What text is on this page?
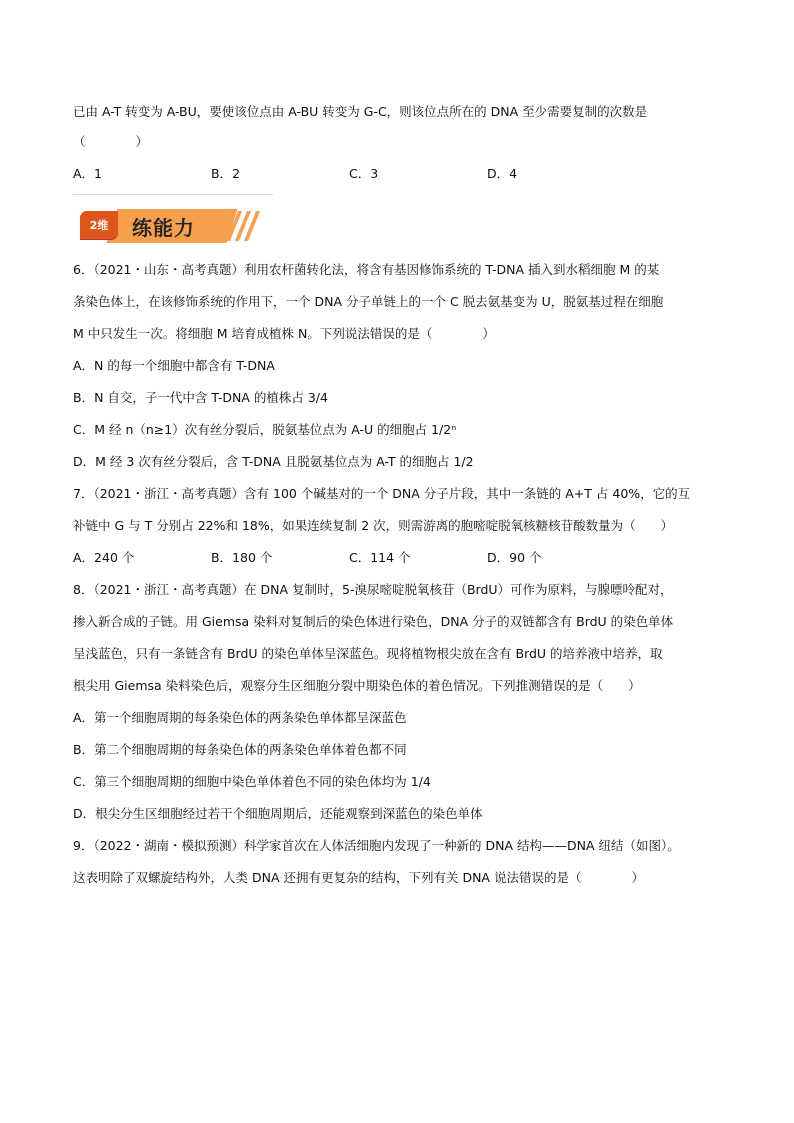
已由 A-T 转变为 A-BU，要使该位点由 A-BU 转变为 G-C，则该位点所在的 DNA 至少需要复制的次数是
（　　　　）
A．1	B．2	C．3	D．4
2维	练能力
6．（2021・山东・高考真题）利用农杆菌转化法，将含有基因修饰系统的 T-DNA 插入到水稻细胞 M 的某
条染色体上，在该修饰系统的作用下，一个 DNA 分子单链上的一个 C 脱去氨基变为 U，脱氨基过程在细胞
M 中只发生一次。将细胞 M 培育成植株 N。下列说法错误的是（　　　　）
A．N 的每一个细胞中都含有 T-DNA
B．N 自交，子一代中含 T-DNA 的植株占 3/4
C．M 经 n（n≥1）次有丝分裂后，脱氨基位点为 A-U 的细胞占 1/2ⁿ
D．M 经 3 次有丝分裂后，含 T-DNA 且脱氨基位点为 A-T 的细胞占 1/2
7．（2021・浙江・高考真题）含有 100 个碱基对的一个 DNA 分子片段，其中一条链的 A+T 占 40%，它的互
补链中 G 与 T 分别占 22%和 18%，如果连续复制 2 次，则需游离的胞嘧啶脱氧核糖核苷酸数量为（　　）
A．240 个	B．180 个	C．114 个	D．90 个
8．（2021・浙江・高考真题）在 DNA 复制时，5-溴尿嘧啶脱氧核苷（BrdU）可作为原料，与腺嘌呤配对，
掺入新合成的子链。用 Giemsa 染料对复制后的染色体进行染色，DNA 分子的双链都含有 BrdU 的染色单体
呈浅蓝色，只有一条链含有 BrdU 的染色单体呈深蓝色。现将植物根尖放在含有 BrdU 的培养液中培养，取
根尖用 Giemsa 染料染色后，观察分生区细胞分裂中期染色体的着色情况。下列推测错误的是（　　）
A．第一个细胞周期的每条染色体的两条染色单体都呈深蓝色
B．第二个细胞周期的每条染色体的两条染色单体着色都不同
C．第三个细胞周期的细胞中染色单体着色不同的染色体均为 1/4
D．根尖分生区细胞经过若干个细胞周期后，还能观察到深蓝色的染色单体
9．（2022・湖南・模拟预测）科学家首次在人体活细胞内发现了一种新的 DNA 结构——DNA 纽结（如图）。
这表明除了双螺旋结构外，人类 DNA 还拥有更复杂的结构，下列有关 DNA 说法错误的是（　　　　）
